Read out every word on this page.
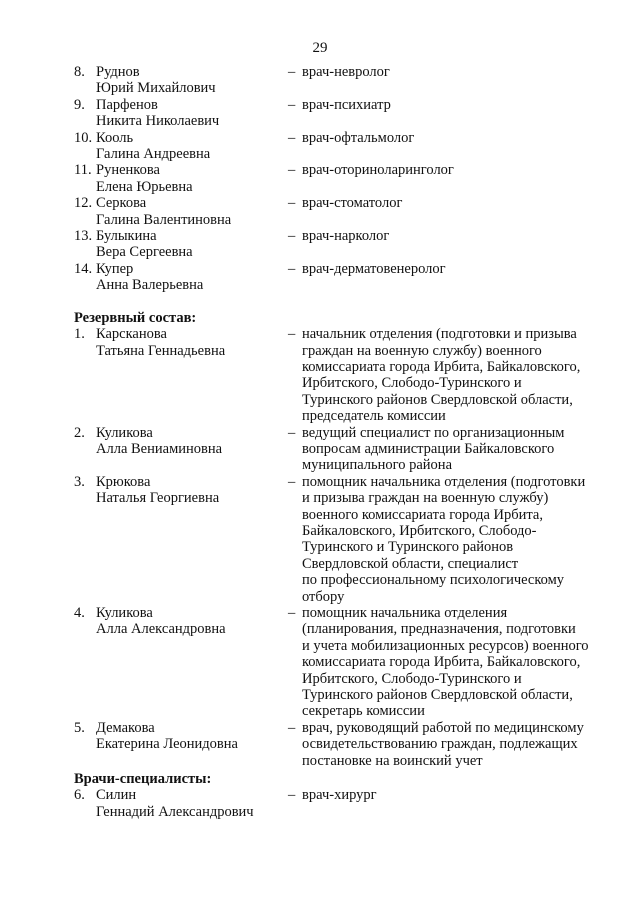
29
8. Руднов
Юрий Михайлович
– врач-невролог
9. Парфенов
Никита Николаевич
– врач-психиатр
10. Кооль
Галина Андреевна
– врач-офтальмолог
11. Руненкова
Елена Юрьевна
– врач-оториноларинголог
12. Серкова
Галина Валентиновна
– врач-стоматолог
13. Булыкина
Вера Сергеевна
– врач-нарколог
14. Купер
Анна Валерьевна
– врач-дерматовенеролог
Резервный состав:
1. Карсканова
Татьяна Геннадьевна
– начальник отделения (подготовки и призыва
граждан на военную службу) военного
комиссариата города Ирбита, Байкаловского,
Ирбитского, Слободо-Туринского и
Туринского районов Свердловской области,
председатель комиссии
2. Куликова
Алла Вениаминовна
– ведущий специалист по организационным
вопросам администрации Байкаловского
муниципального района
3. Крюкова
Наталья Георгиевна
– помощник начальника отделения (подготовки
и призыва граждан на военную службу)
военного комиссариата города Ирбита,
Байкаловского, Ирбитского, Слободо-
Туринского и Туринского районов
Свердловской области, специалист
по профессиональному психологическому
отбору
4. Куликова
Алла Александровна
– помощник начальника отделения
(планирования, предназначения, подготовки
и учета мобилизационных ресурсов) военного
комиссариата города Ирбита, Байкаловского,
Ирбитского, Слободо-Туринского и
Туринского районов Свердловской области,
секретарь комиссии
5. Демакова
Екатерина Леонидовна
– врач, руководящий работой по медицинскому
освидетельствованию граждан, подлежащих
постановке на воинский учет
Врачи-специалисты:
6. Силин
Геннадий Александрович
– врач-хирург
